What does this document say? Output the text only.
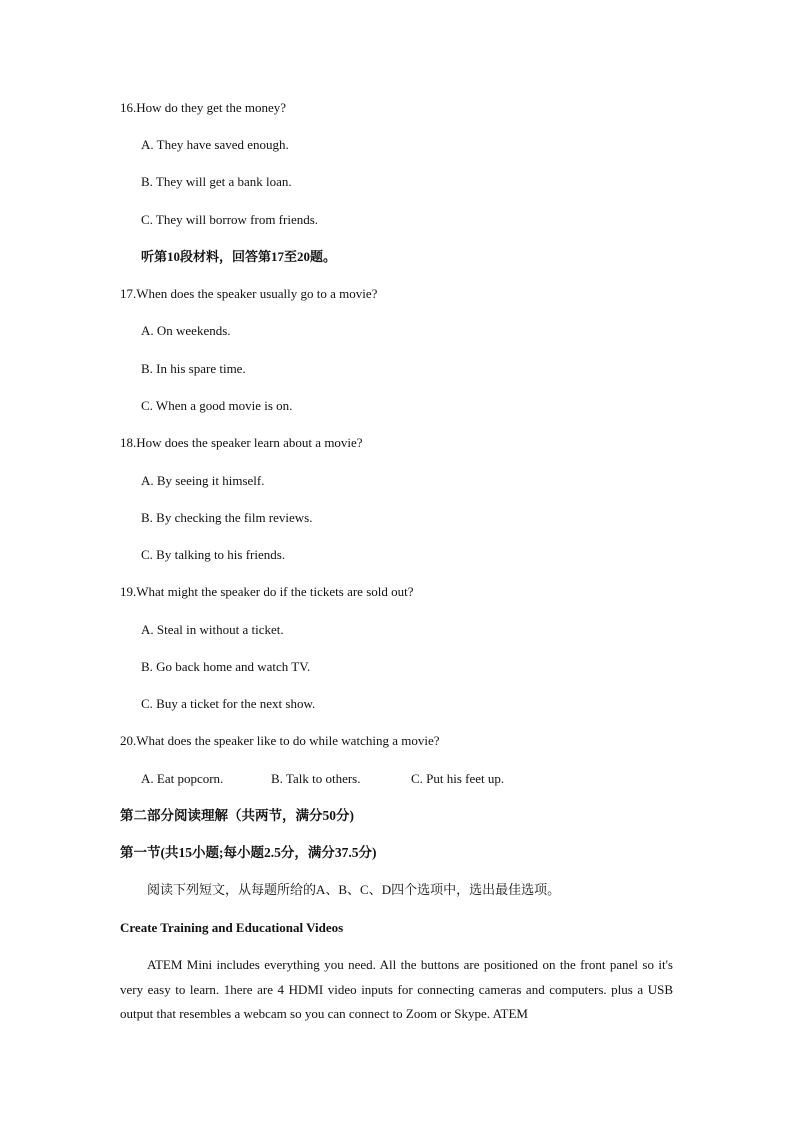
16.How do they get the money?
A. They have saved enough.
B. They will get a bank loan.
C. They will borrow from friends.
听第10段材料，回答第17至20题。
17.When does the speaker usually go to a movie?
A. On weekends.
B. In his spare time.
C. When a good movie is on.
18.How does the speaker learn about a movie?
A. By seeing it himself.
B. By checking the film reviews.
C. By talking to his friends.
19.What might the speaker do if the tickets are sold out?
A. Steal in without a ticket.
B. Go back home and watch TV.
C. Buy a ticket for the next show.
20.What does the speaker like to do while watching a movie?
A. Eat popcorn.	B. Talk to others.	C. Put his feet up.
第二部分阅读理解（共两节，满分50分)
第一节(共15小题;每小题2.5分，满分37.5分)
阅读下列短文，从每题所给的A、B、C、D四个选项中，选出最佳选项。
Create Training and Educational Videos
ATEM Mini includes everything you need. All the buttons are positioned on the front panel so it's very easy to learn. 1here are 4 HDMI video inputs for connecting cameras and computers. plus a USB output that resembles a webcam so you can connect to Zoom or Skype. ATEM
